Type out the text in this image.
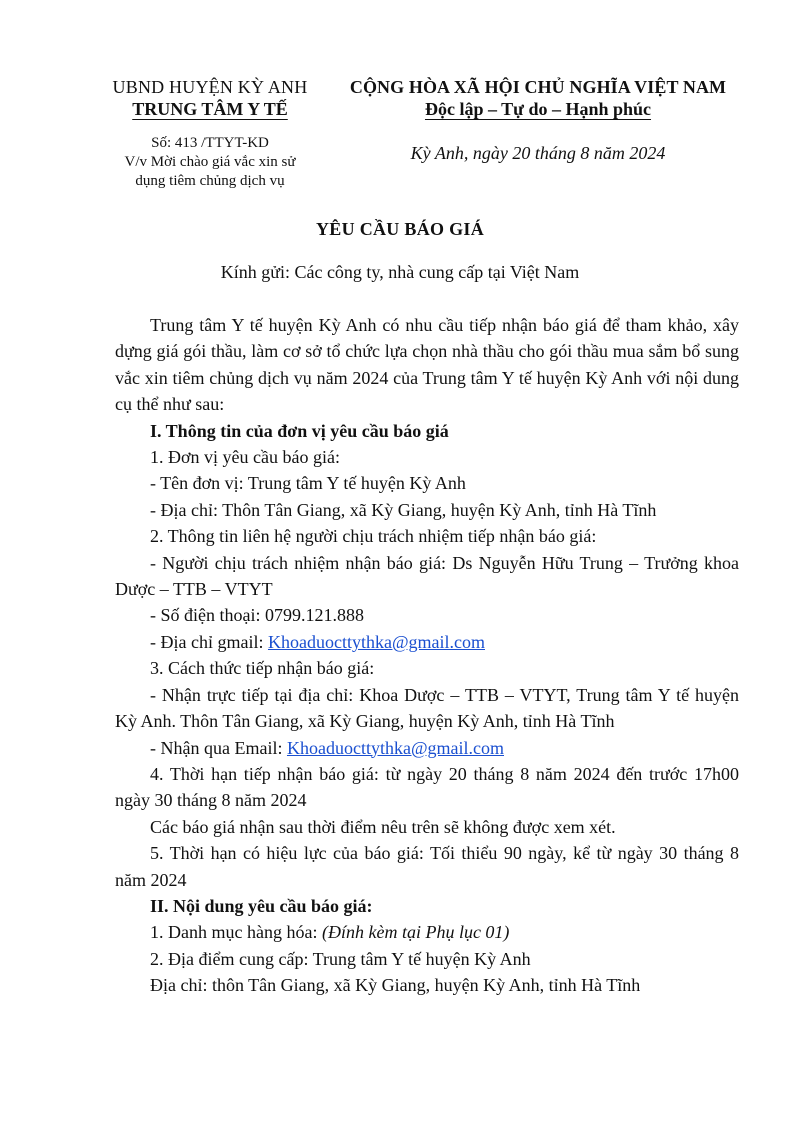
UBND HUYỆN KỲ ANH
TRUNG TÂM Y TẾ
Số: 413 /TTYT-KD
V/v Mời chào giá vắc xin sử
dụng tiêm chủng dịch vụ
CỘNG HÒA XÃ HỘI CHỦ NGHĨA VIỆT NAM
Độc lập – Tự do – Hạnh phúc
Kỳ Anh, ngày 20 tháng 8 năm 2024
YÊU CẦU BÁO GIÁ
Kính gửi: Các công ty, nhà cung cấp tại Việt Nam

Trung tâm Y tế huyện Kỳ Anh có nhu cầu tiếp nhận báo giá để tham khảo, xây dựng giá gói thầu, làm cơ sở tổ chức lựa chọn nhà thầu cho gói thầu mua sắm bổ sung vắc xin tiêm chủng dịch vụ năm 2024 của Trung tâm Y tế huyện Kỳ Anh với nội dung cụ thể như sau:

I. Thông tin của đơn vị yêu cầu báo giá

1. Đơn vị yêu cầu báo giá:

- Tên đơn vị: Trung tâm Y tế huyện Kỳ Anh

- Địa chỉ: Thôn Tân Giang, xã Kỳ Giang, huyện Kỳ Anh, tỉnh Hà Tĩnh

2. Thông tin liên hệ người chịu trách nhiệm tiếp nhận báo giá:

- Người chịu trách nhiệm nhận báo giá: Ds Nguyễn Hữu Trung – Trưởng khoa Dược – TTB – VTYT

- Số điện thoại: 0799.121.888

- Địa chỉ gmail: Khoaduocttythka@gmail.com

3. Cách thức tiếp nhận báo giá:

- Nhận trực tiếp tại địa chỉ: Khoa Dược – TTB – VTYT, Trung tâm Y tế huyện Kỳ Anh. Thôn Tân Giang, xã Kỳ Giang, huyện Kỳ Anh, tỉnh Hà Tĩnh

- Nhận qua Email: Khoaduocttythka@gmail.com

4. Thời hạn tiếp nhận báo giá: từ ngày 20 tháng 8 năm 2024 đến trước 17h00 ngày 30 tháng 8 năm 2024

Các báo giá nhận sau thời điểm nêu trên sẽ không được xem xét.

5. Thời hạn có hiệu lực của báo giá: Tối thiểu 90 ngày, kể từ ngày 30 tháng 8 năm 2024

II. Nội dung yêu cầu báo giá:

1. Danh mục hàng hóa: (Đính kèm tại Phụ lục 01)

2. Địa điểm cung cấp: Trung tâm Y tế huyện Kỳ Anh

Địa chỉ: thôn Tân Giang, xã Kỳ Giang, huyện Kỳ Anh, tỉnh Hà Tĩnh
